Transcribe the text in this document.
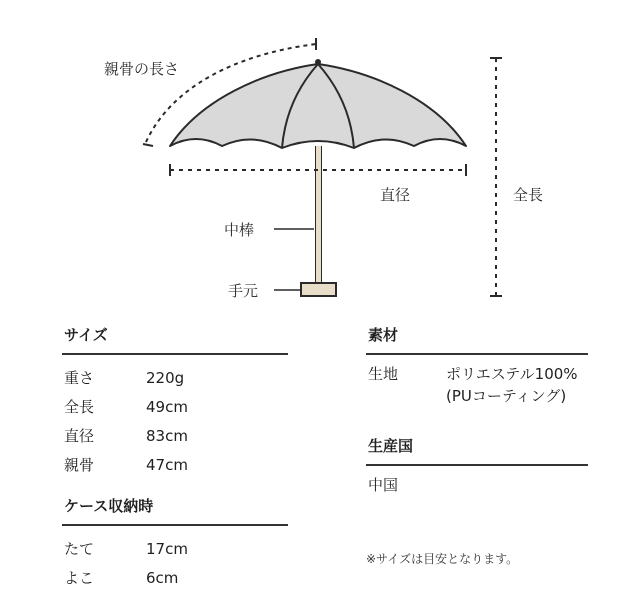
親骨の長さ
直径	全長
中棒
手元
サイズ
重さ	220g
全長	49cm
直径	83cm
親骨	47cm
ケース収納時
たて	17cm
よこ	6cm
素材
生地	ポリエステル100%
(PUコーティング)
生産国
中国
※サイズは目安となります。
